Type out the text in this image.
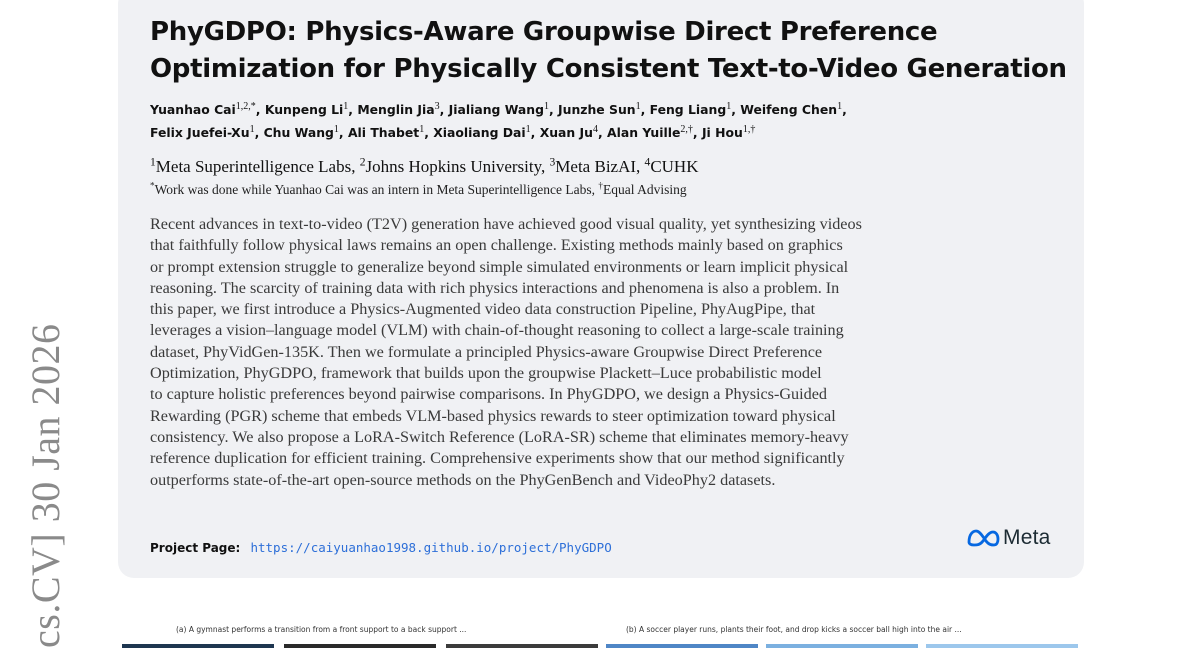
cs.CV] 30 Jan 2026
PhyGDPO: Physics-Aware Groupwise Direct Preference
Optimization for Physically Consistent Text-to-Video Generation
Yuanhao Cai$^{1,2,*}$, Kunpeng Li$^1$, Menglin Jia$^3$, Jialiang Wang$^1$, Junzhe Sun$^1$, Feng Liang$^1$, Weifeng Chen$^1$,
Felix Juefei-Xu$^1$, Chu Wang$^1$, Ali Thabet$^1$, Xiaoliang Dai$^1$, Xuan Ju$^4$, Alan Yuille$^{2,\dagger}$, Ji Hou$^{1,\dagger}$
$^1$Meta Superintelligence Labs, $^2$Johns Hopkins University, $^3$Meta BizAI, $^4$CUHK
*Work was done while Yuanhao Cai was an intern in Meta Superintelligence Labs, †Equal Advising
Recent advances in text-to-video (T2V) generation have achieved good visual quality, yet synthesizing videos
that faithfully follow physical laws remains an open challenge. Existing methods mainly based on graphics
or prompt extension struggle to generalize beyond simple simulated environments or learn implicit physical
reasoning. The scarcity of training data with rich physics interactions and phenomena is also a problem. In
this paper, we first introduce a Physics-Augmented video data construction Pipeline, PhyAugPipe, that
leverages a vision–language model (VLM) with chain-of-thought reasoning to collect a large-scale training
dataset, PhyVidGen-135K. Then we formulate a principled Physics-aware Groupwise Direct Preference
Optimization, PhyGDPO, framework that builds upon the groupwise Plackett–Luce probabilistic model
to capture holistic preferences beyond pairwise comparisons. In PhyGDPO, we design a Physics-Guided
Rewarding (PGR) scheme that embeds VLM-based physics rewards to steer optimization toward physical
consistency. We also propose a LoRA-Switch Reference (LoRA-SR) scheme that eliminates memory-heavy
reference duplication for efficient training. Comprehensive experiments show that our method significantly
outperforms state-of-the-art open-source methods on the PhyGenBench and VideoPhy2 datasets.
Project Page: https://caiyuanhao1998.github.io/project/PhyGDPO	Meta
(a) A gymnast performs a transition from a front support to a back support ...	(b) A soccer player runs, plants their foot, and drop kicks a soccer ball high into the air ...
